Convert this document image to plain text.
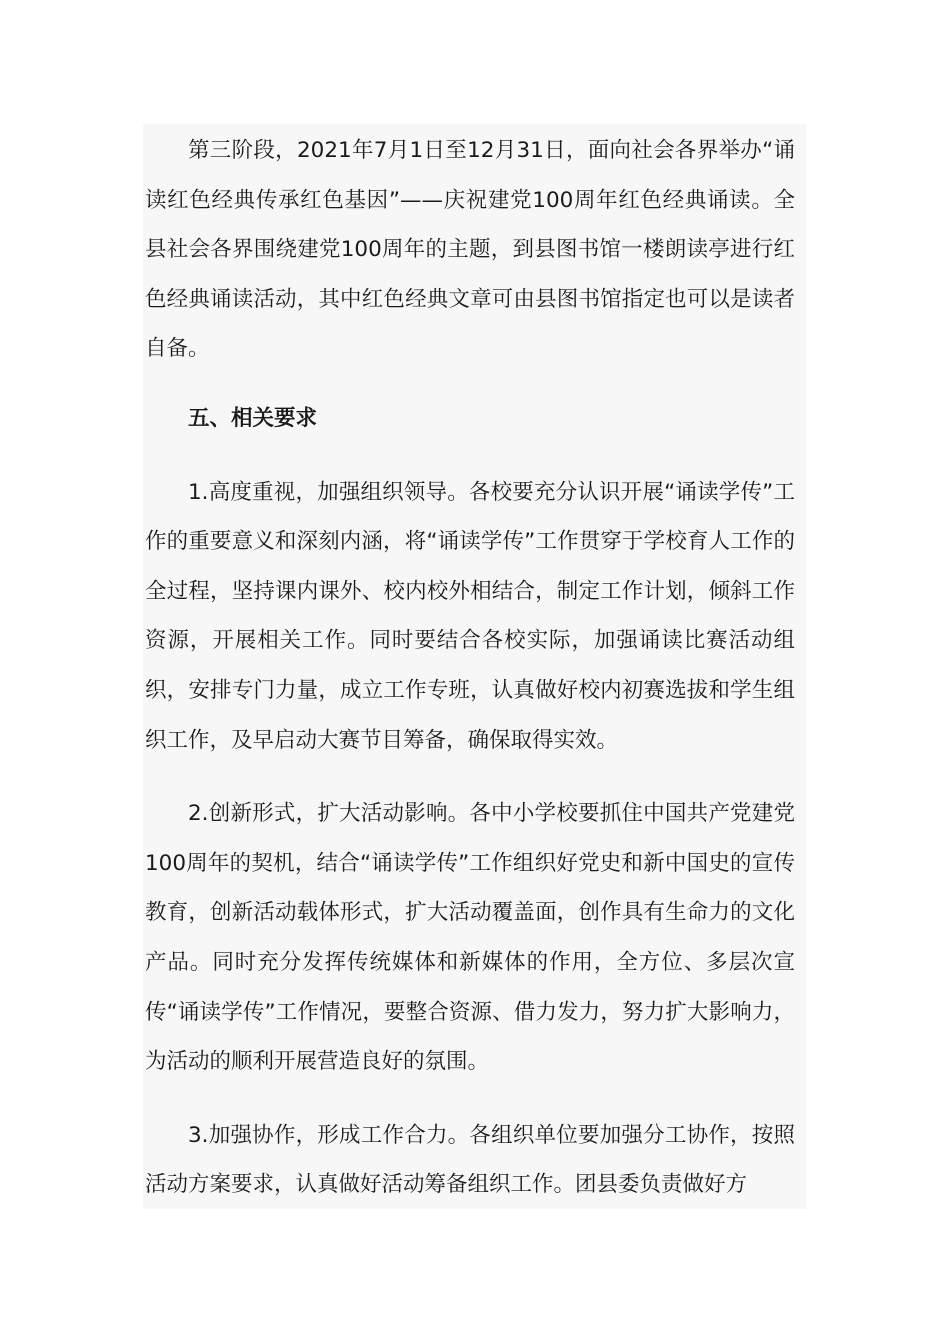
第三阶段，2021年7月1日至12月31日，面向社会各界举办“诵读红色经典传承红色基因”——庆祝建党100周年红色经典诵读。全县社会各界围绕建党100周年的主题，到县图书馆一楼朗读亭进行红色经典诵读活动，其中红色经典文章可由县图书馆指定也可以是读者自备。

五、相关要求

1.高度重视，加强组织领导。各校要充分认识开展“诵读学传”工作的重要意义和深刻内涵，将“诵读学传”工作贯穿于学校育人工作的全过程，坚持课内课外、校内校外相结合，制定工作计划，倾斜工作资源，开展相关工作。同时要结合各校实际，加强诵读比赛活动组织，安排专门力量，成立工作专班，认真做好校内初赛选拔和学生组织工作，及早启动大赛节目筹备，确保取得实效。

2.创新形式，扩大活动影响。各中小学校要抓住中国共产党建党100周年的契机，结合“诵读学传”工作组织好党史和新中国史的宣传教育，创新活动载体形式，扩大活动覆盖面，创作具有生命力的文化产品。同时充分发挥传统媒体和新媒体的作用，全方位、多层次宣传“诵读学传”工作情况，要整合资源、借力发力，努力扩大影响力，为活动的顺利开展营造良好的氛围。

3.加强协作，形成工作合力。各组织单位要加强分工协作，按照活动方案要求，认真做好活动筹备组织工作。团县委负责做好方
